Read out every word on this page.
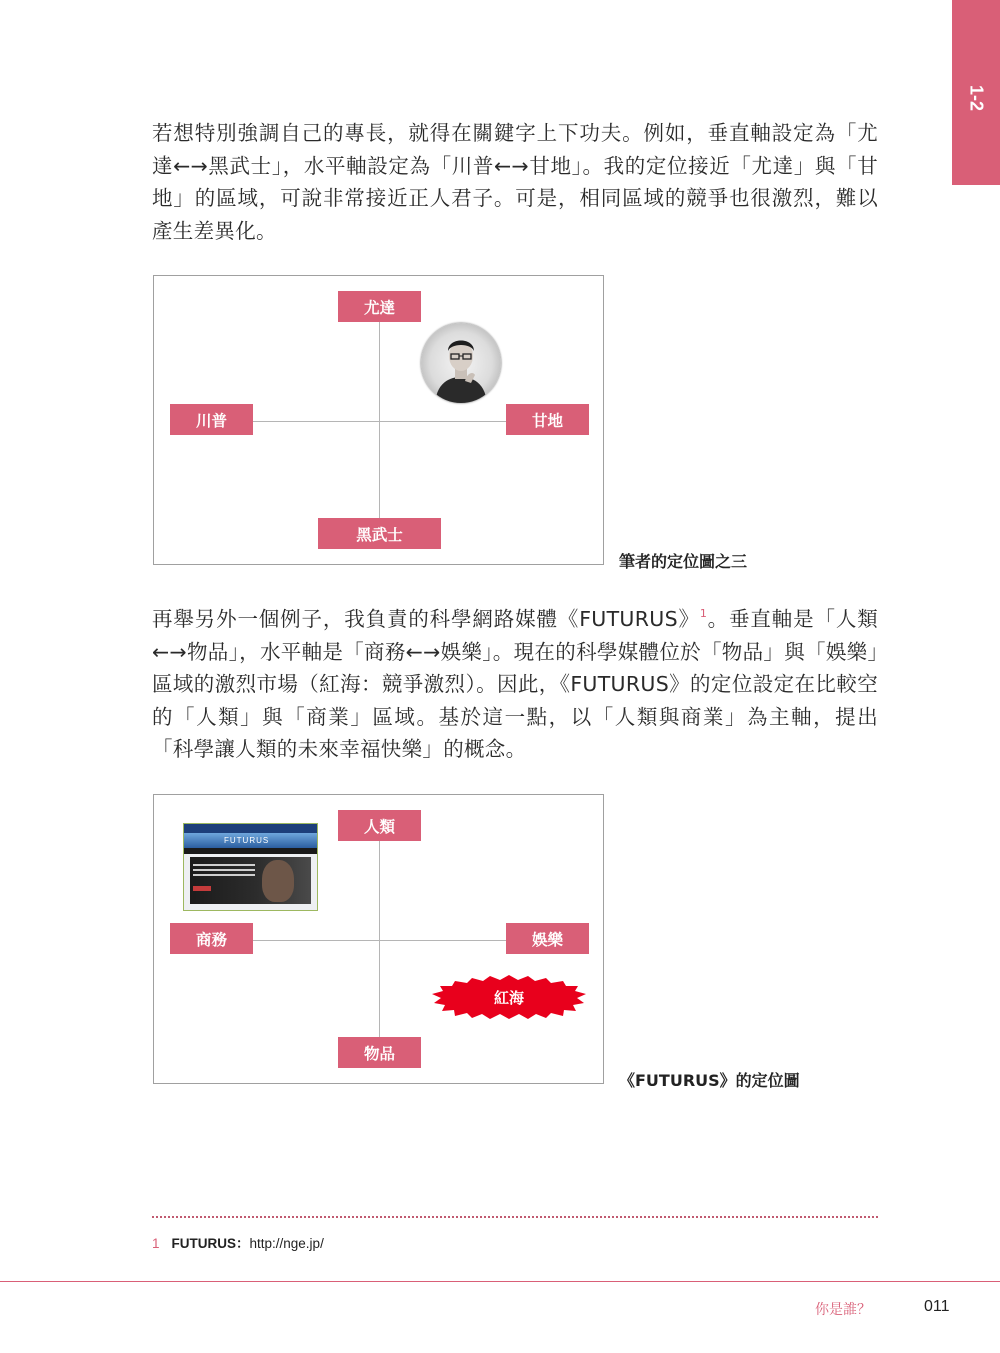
1-2

若想特別強調自己的專長，就得在關鍵字上下功夫。例如，垂直軸設定為「尤達←→黑武士」，水平軸設定為「川普←→甘地」。我的定位接近「尤達」與「甘地」的區域，可說非常接近正人君子。可是，相同區域的競爭也很激烈，難以產生差異化。

尤達
川普	甘地
黑武士
筆者的定位圖之三

再舉另外一個例子，我負責的科學網路媒體《FUTURUS》$^1$。垂直軸是「人類←→物品」，水平軸是「商務←→娛樂」。現在的科學媒體位於「物品」與「娛樂」區域的激烈市場（紅海：競爭激烈）。因此，《FUTURUS》的定位設定在比較空的「人類」與「商業」區域。基於這一點，以「人類與商業」為主軸，提出「科學讓人類的未來幸福快樂」的概念。

FUTURUS
紅海
人類
商務	娛樂
物品
《FUTURUS》的定位圖
1 FUTURUS：http://nge.jp/
你是誰？	011
